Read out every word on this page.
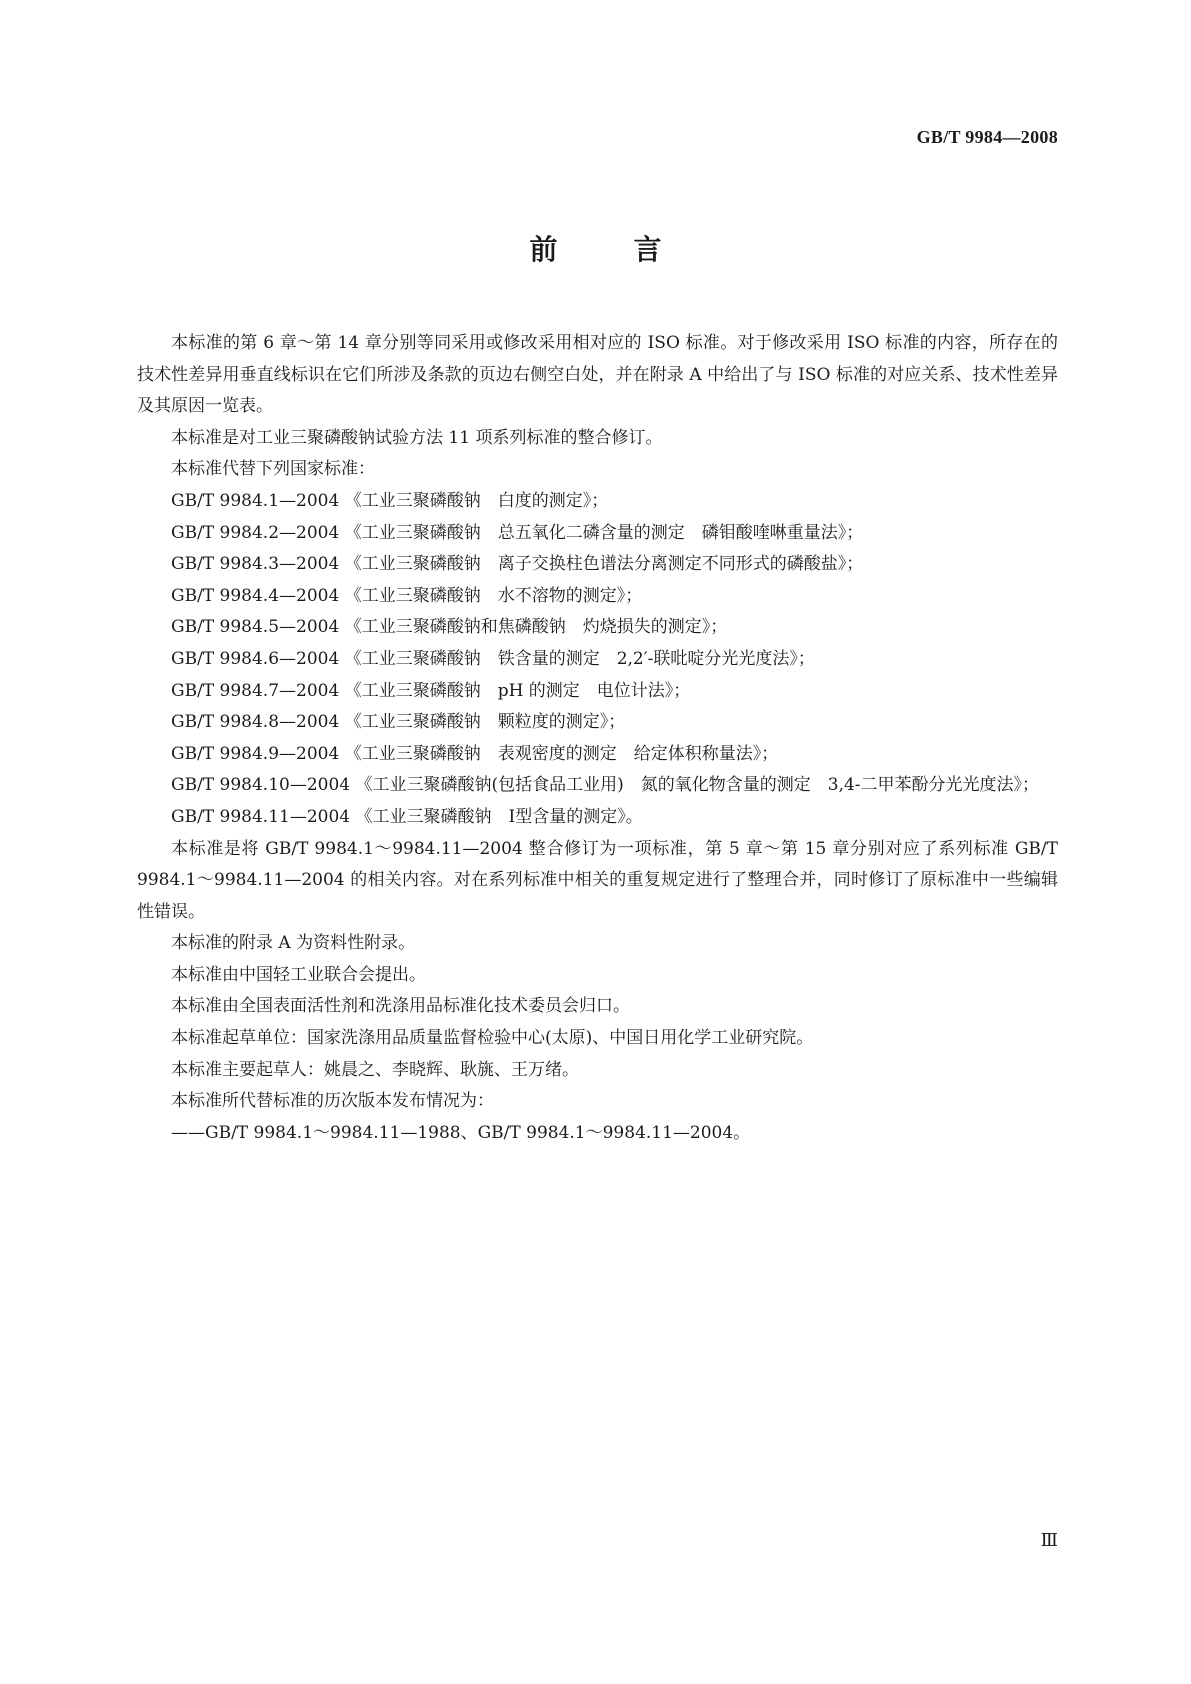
GB/T 9984—2008
前	言

本标准的第 6 章～第 14 章分别等同采用或修改采用相对应的 ISO 标准。对于修改采用 ISO 标准的内容，所存在的技术性差异用垂直线标识在它们所涉及条款的页边右侧空白处，并在附录 A 中给出了与 ISO 标准的对应关系、技术性差异及其原因一览表。

本标准是对工业三聚磷酸钠试验方法 11 项系列标准的整合修订。

本标准代替下列国家标准：

GB/T 9984.1—2004 《工业三聚磷酸钠　白度的测定》；

GB/T 9984.2—2004 《工业三聚磷酸钠　总五氧化二磷含量的测定　磷钼酸喹啉重量法》；

GB/T 9984.3—2004 《工业三聚磷酸钠　离子交换柱色谱法分离测定不同形式的磷酸盐》；

GB/T 9984.4—2004 《工业三聚磷酸钠　水不溶物的测定》；

GB/T 9984.5—2004 《工业三聚磷酸钠和焦磷酸钠　灼烧损失的测定》；

GB/T 9984.6—2004 《工业三聚磷酸钠　铁含量的测定　2,2′-联吡啶分光光度法》；

GB/T 9984.7—2004 《工业三聚磷酸钠　pH 的测定　电位计法》；

GB/T 9984.8—2004 《工业三聚磷酸钠　颗粒度的测定》；

GB/T 9984.9—2004 《工业三聚磷酸钠　表观密度的测定　给定体积称量法》；

GB/T 9984.10—2004 《工业三聚磷酸钠(包括食品工业用)　氮的氧化物含量的测定　3,4-二甲苯酚分光光度法》；

GB/T 9984.11—2004 《工业三聚磷酸钠　Ⅰ型含量的测定》。

本标准是将 GB/T 9984.1～9984.11—2004 整合修订为一项标准，第 5 章～第 15 章分别对应了系列标准 GB/T 9984.1～9984.11—2004 的相关内容。对在系列标准中相关的重复规定进行了整理合并，同时修订了原标准中一些编辑性错误。

本标准的附录 A 为资料性附录。

本标准由中国轻工业联合会提出。

本标准由全国表面活性剂和洗涤用品标准化技术委员会归口。

本标准起草单位：国家洗涤用品质量监督检验中心(太原)、中国日用化学工业研究院。

本标准主要起草人：姚晨之、李晓辉、耿旐、王万绪。

本标准所代替标准的历次版本发布情况为：

——GB/T 9984.1～9984.11—1988、GB/T 9984.1～9984.11—2004。

Ⅲ
